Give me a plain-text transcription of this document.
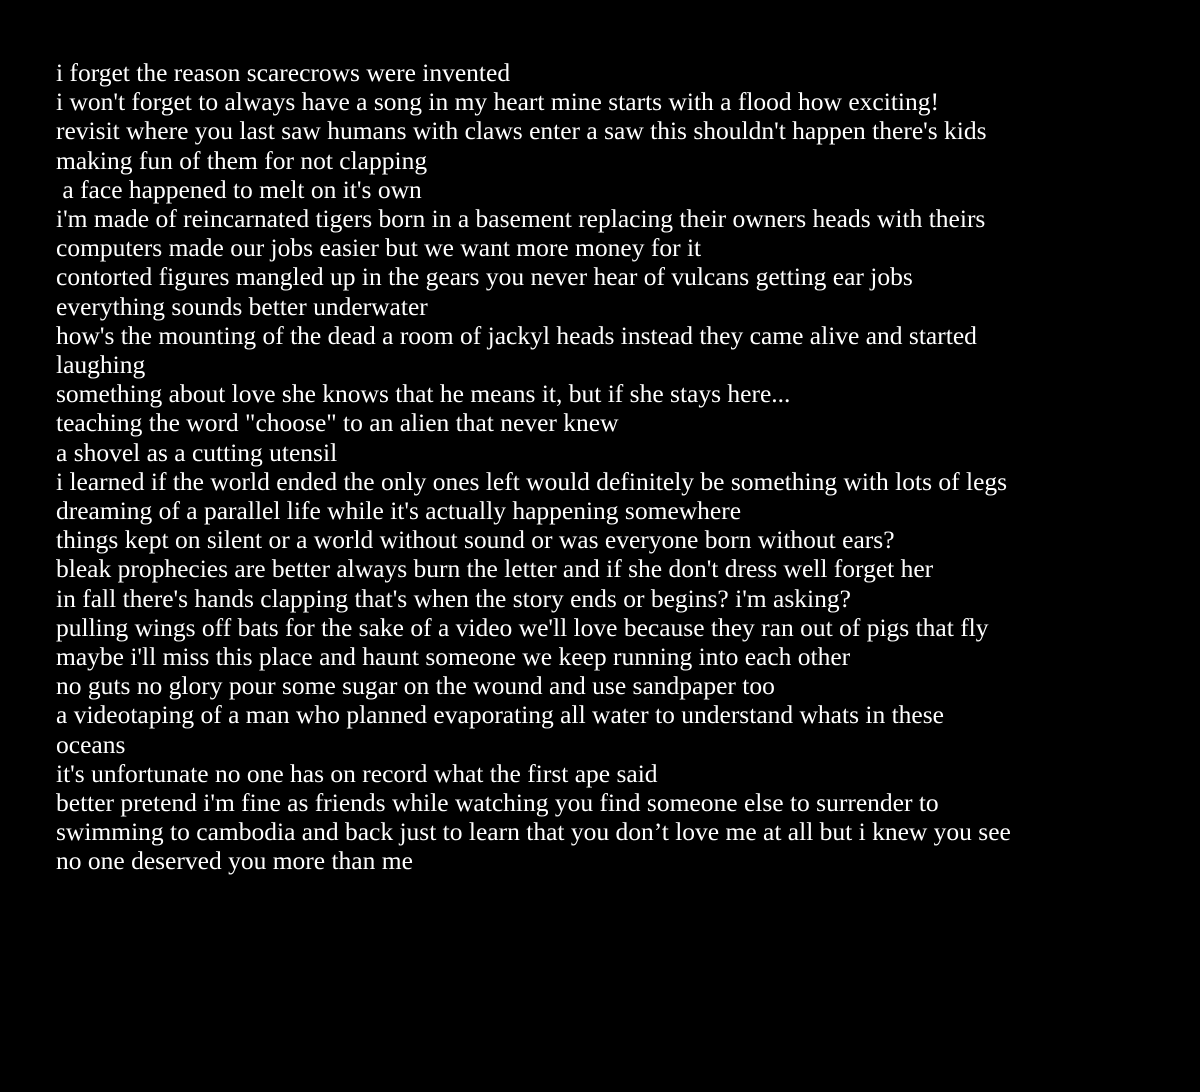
i forget the reason scarecrows were invented
i won't forget to always have a song in my heart mine starts with a flood how exciting!
revisit where you last saw humans with claws enter a saw this shouldn't happen there's kids
making fun of them for not clapping
a face happened to melt on it's own
i'm made of reincarnated tigers born in a basement replacing their owners heads with theirs
computers made our jobs easier but we want more money for it
contorted figures mangled up in the gears you never hear of vulcans getting ear jobs
everything sounds better underwater
how's the mounting of the dead a room of jackyl heads instead they came alive and started
laughing
something about love she knows that he means it, but if she stays here...
teaching the word "choose" to an alien that never knew
a shovel as a cutting utensil
i learned if the world ended the only ones left would definitely be something with lots of legs
dreaming of a parallel life while it's actually happening somewhere
things kept on silent or a world without sound or was everyone born without ears?
bleak prophecies are better always burn the letter and if she don't dress well forget her
in fall there's hands clapping that's when the story ends or begins? i'm asking?
pulling wings off bats for the sake of a video we'll love because they ran out of pigs that fly
maybe i'll miss this place and haunt someone we keep running into each other
no guts no glory pour some sugar on the wound and use sandpaper too
a videotaping of a man who planned evaporating all water to understand whats in these
oceans
it's unfortunate no one has on record what the first ape said
better pretend i'm fine as friends while watching you find someone else to surrender to
swimming to cambodia and back just to learn that you don’t love me at all but i knew you see
no one deserved you more than me
